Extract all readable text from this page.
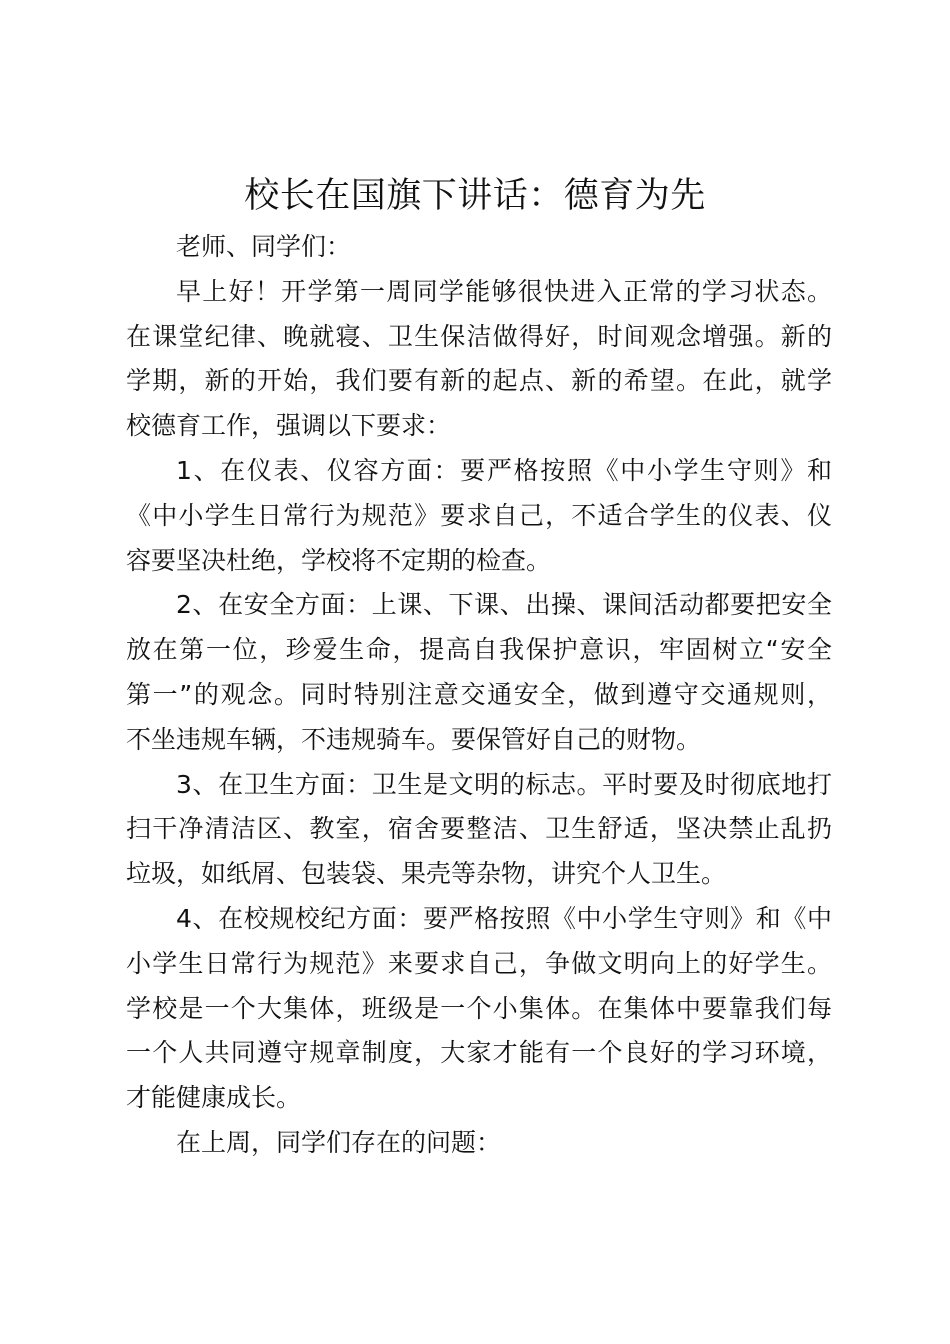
校长在国旗下讲话：德育为先
老师、同学们：
早上好！开学第一周同学能够很快进入正常的学习状态。
在课堂纪律、晚就寝、卫生保洁做得好，时间观念增强。新的
学期，新的开始，我们要有新的起点、新的希望。在此，就学
校德育工作，强调以下要求：
1、在仪表、仪容方面：要严格按照《中小学生守则》和
《中小学生日常行为规范》要求自己，不适合学生的仪表、仪
容要坚决杜绝，学校将不定期的检查。
2、在安全方面：上课、下课、出操、课间活动都要把安全
放在第一位，珍爱生命，提高自我保护意识，牢固树立“安全
第一”的观念。同时特别注意交通安全，做到遵守交通规则，
不坐违规车辆，不违规骑车。要保管好自己的财物。
3、在卫生方面：卫生是文明的标志。平时要及时彻底地打
扫干净清洁区、教室，宿舍要整洁、卫生舒适，坚决禁止乱扔
垃圾，如纸屑、包装袋、果壳等杂物，讲究个人卫生。
4、在校规校纪方面：要严格按照《中小学生守则》和《中
小学生日常行为规范》来要求自己，争做文明向上的好学生。
学校是一个大集体，班级是一个小集体。在集体中要靠我们每
一个人共同遵守规章制度，大家才能有一个良好的学习环境，
才能健康成长。
在上周，同学们存在的问题：
